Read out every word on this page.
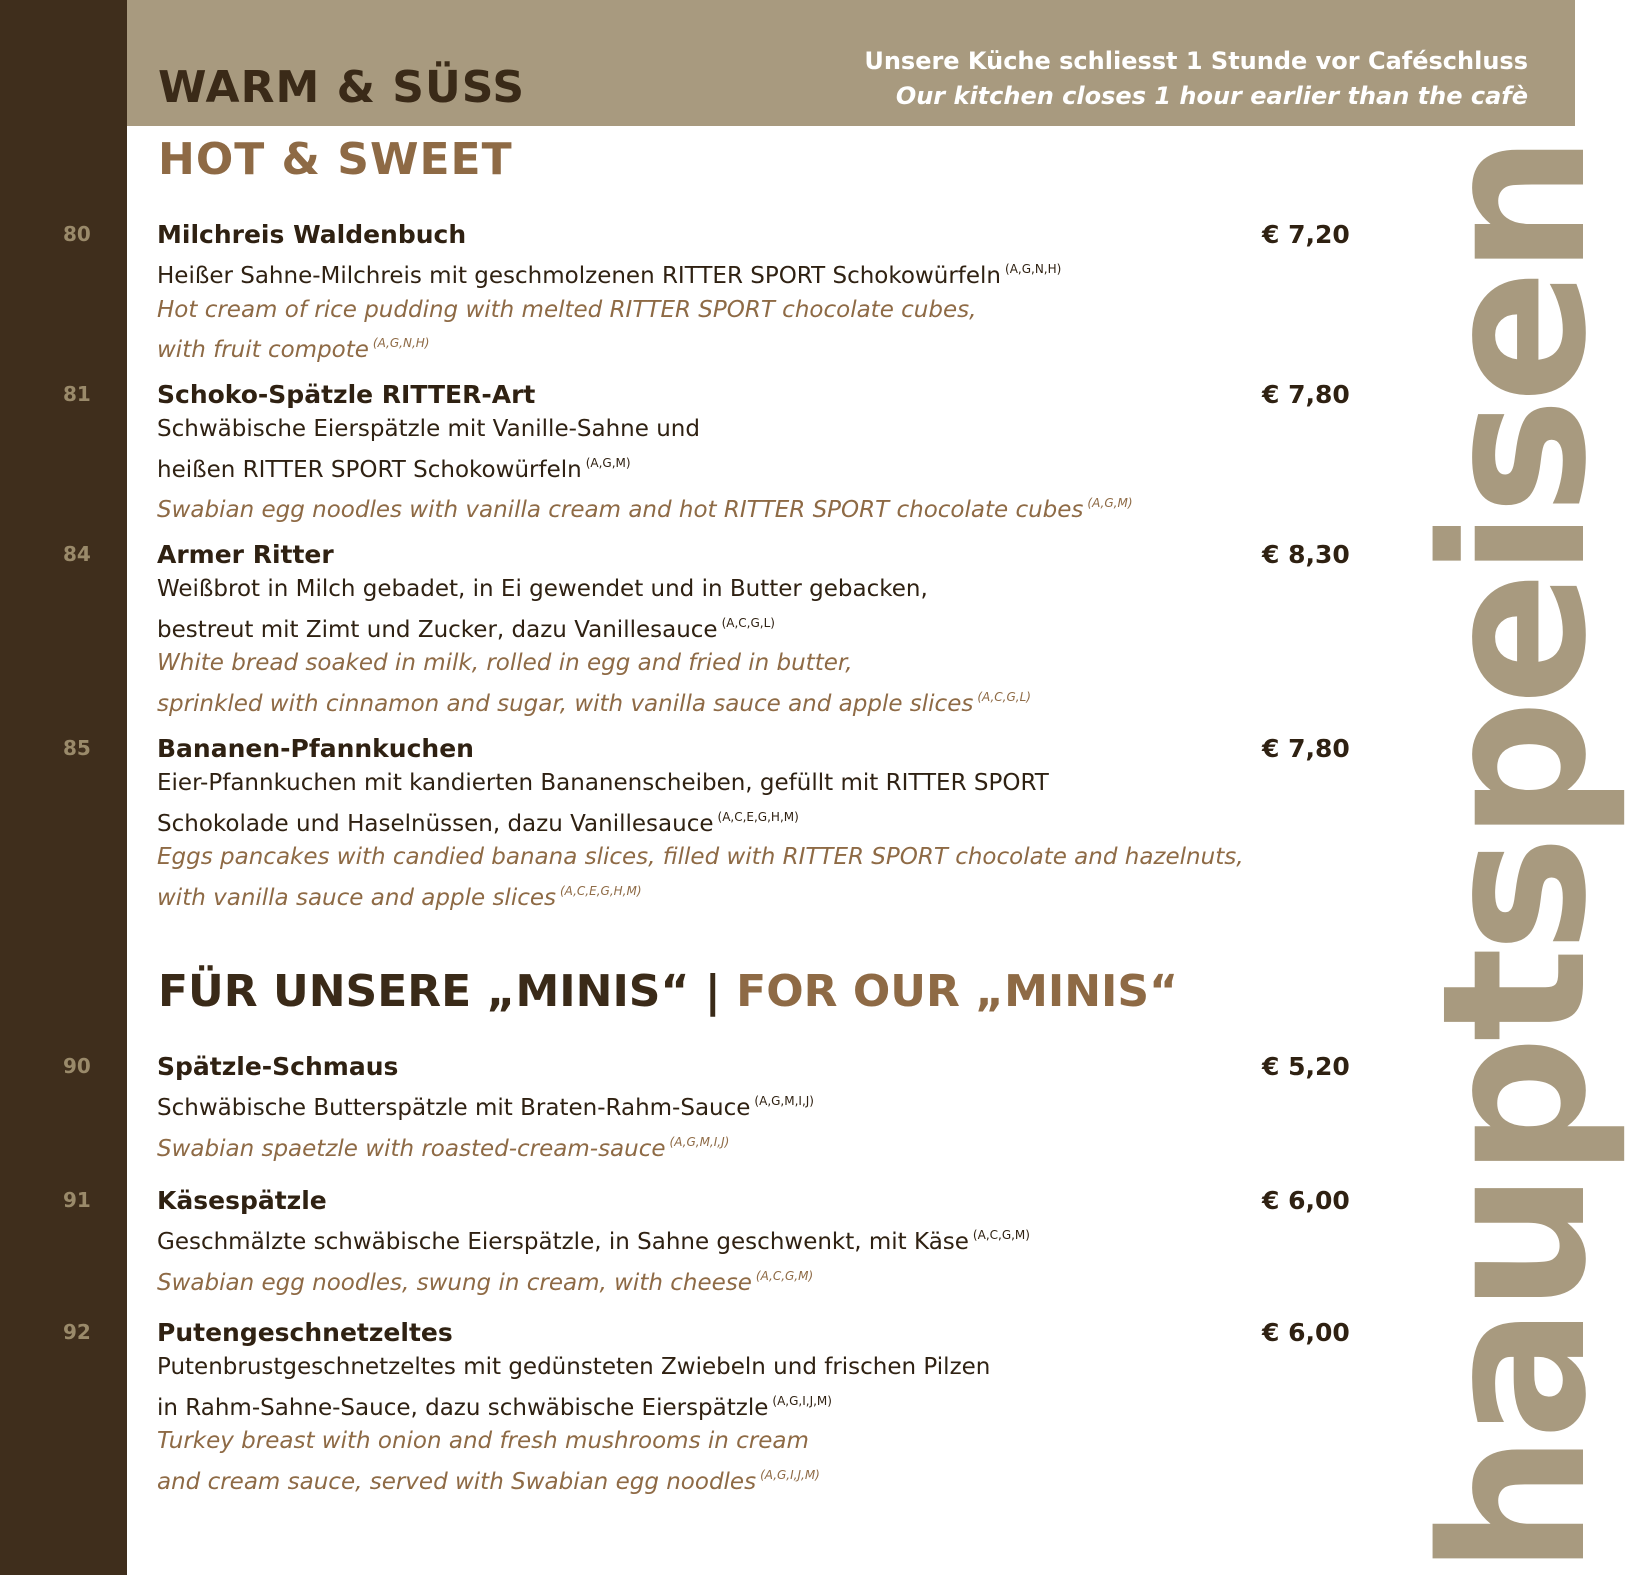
WARM & SÜSS
Unsere Küche schliesst 1 Stunde vor Caféschluss
Our kitchen closes 1 hour earlier than the cafè
HOT & SWEET
FÜR UNSERE „MINIS“ | FOR OUR „MINIS“
80	Milchreis Waldenbuch	€ 7,20
Heißer Sahne-Milchreis mit geschmolzenen RITTER SPORT Schokowürfeln $^{(A,G,N,H)}$
Hot cream of rice pudding with melted RITTER SPORT chocolate cubes,
with fruit compote $^{(A,G,N,H)}$
81	Schoko-Spätzle RITTER-Art	€ 7,80
Schwäbische Eierspätzle mit Vanille-Sahne und
heißen RITTER SPORT Schokowürfeln $^{(A,G,M)}$
Swabian egg noodles with vanilla cream and hot RITTER SPORT chocolate cubes $^{(A,G,M)}$
84	Armer Ritter	€ 8,30
Weißbrot in Milch gebadet, in Ei gewendet und in Butter gebacken,
bestreut mit Zimt und Zucker, dazu Vanillesauce $^{(A,C,G,L)}$
White bread soaked in milk, rolled in egg and fried in butter,
sprinkled with cinnamon and sugar, with vanilla sauce and apple slices $^{(A,C,G,L)}$
85	Bananen-Pfannkuchen	€ 7,80
Eier-Pfannkuchen mit kandierten Bananenscheiben, gefüllt mit RITTER SPORT
Schokolade und Haselnüssen, dazu Vanillesauce $^{(A,C,E,G,H,M)}$
Eggs pancakes with candied banana slices, filled with RITTER SPORT chocolate and hazelnuts,
with vanilla sauce and apple slices $^{(A,C,E,G,H,M)}$
90	Spätzle-Schmaus	€ 5,20
Schwäbische Butterspätzle mit Braten-Rahm-Sauce $^{(A,G,M,I,J)}$
Swabian spaetzle with roasted-cream-sauce $^{(A,G,M,I,J)}$
91	Käsespätzle	€ 6,00
Geschmälzte schwäbische Eierspätzle, in Sahne geschwenkt, mit Käse $^{(A,C,G,M)}$
Swabian egg noodles, swung in cream, with cheese $^{(A,C,G,M)}$
92	Putengeschnetzeltes	€ 6,00
Putenbrustgeschnetzeltes mit gedünsteten Zwiebeln und frischen Pilzen
in Rahm-Sahne-Sauce, dazu schwäbische Eierspätzle $^{(A,G,I,J,M)}$
Turkey breast with onion and fresh mushrooms in cream
and cream sauce, served with Swabian egg noodles $^{(A,G,I,J,M)}$	hauptspeisen
